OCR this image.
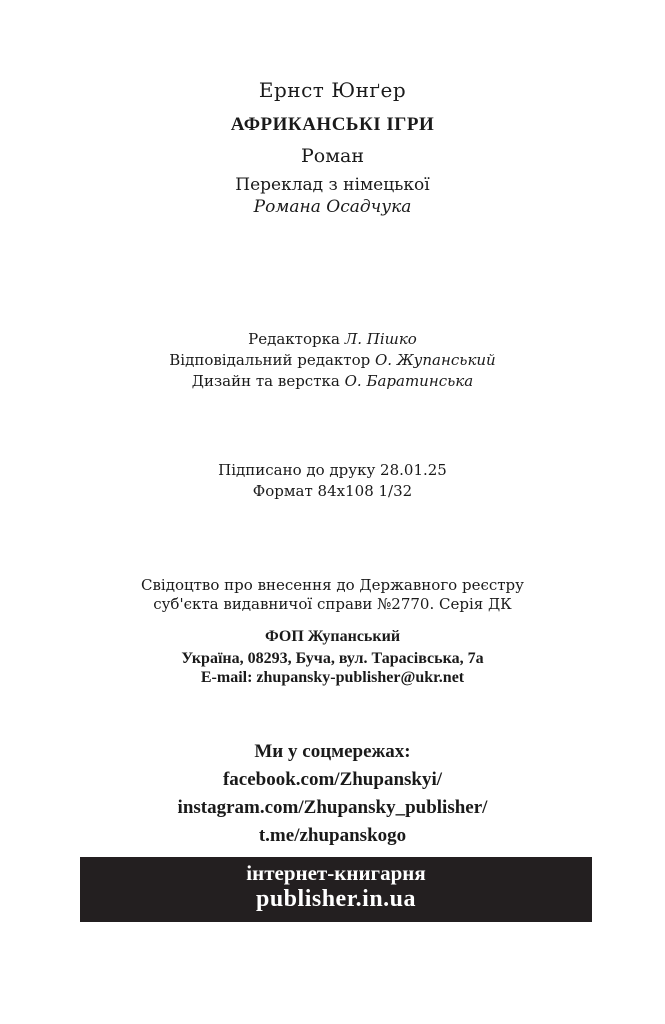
Ернст Юнґер
АФРИКАНСЬКІ ІГРИ
Роман
Переклад з німецької
Романа Осадчука
Редакторка Л. Пішко
Відповідальний редактор О. Жупанський
Дизайн та верстка О. Баратинська
Підписано до друку 28.01.25
Формат 84x108 1/32
Свідоцтво про внесення до Державного реєстру
суб'єкта видавничої справи №2770. Серія ДК
ФОП Жупанський
Україна, 08293, Буча, вул. Тарасівська, 7а
E-mail: zhupansky-publisher@ukr.net
Ми у соцмережах:
facebook.com/Zhupanskyi/
instagram.com/Zhupansky_publisher/
t.me/zhupanskogo
інтернет-книгарня
publisher.in.ua
